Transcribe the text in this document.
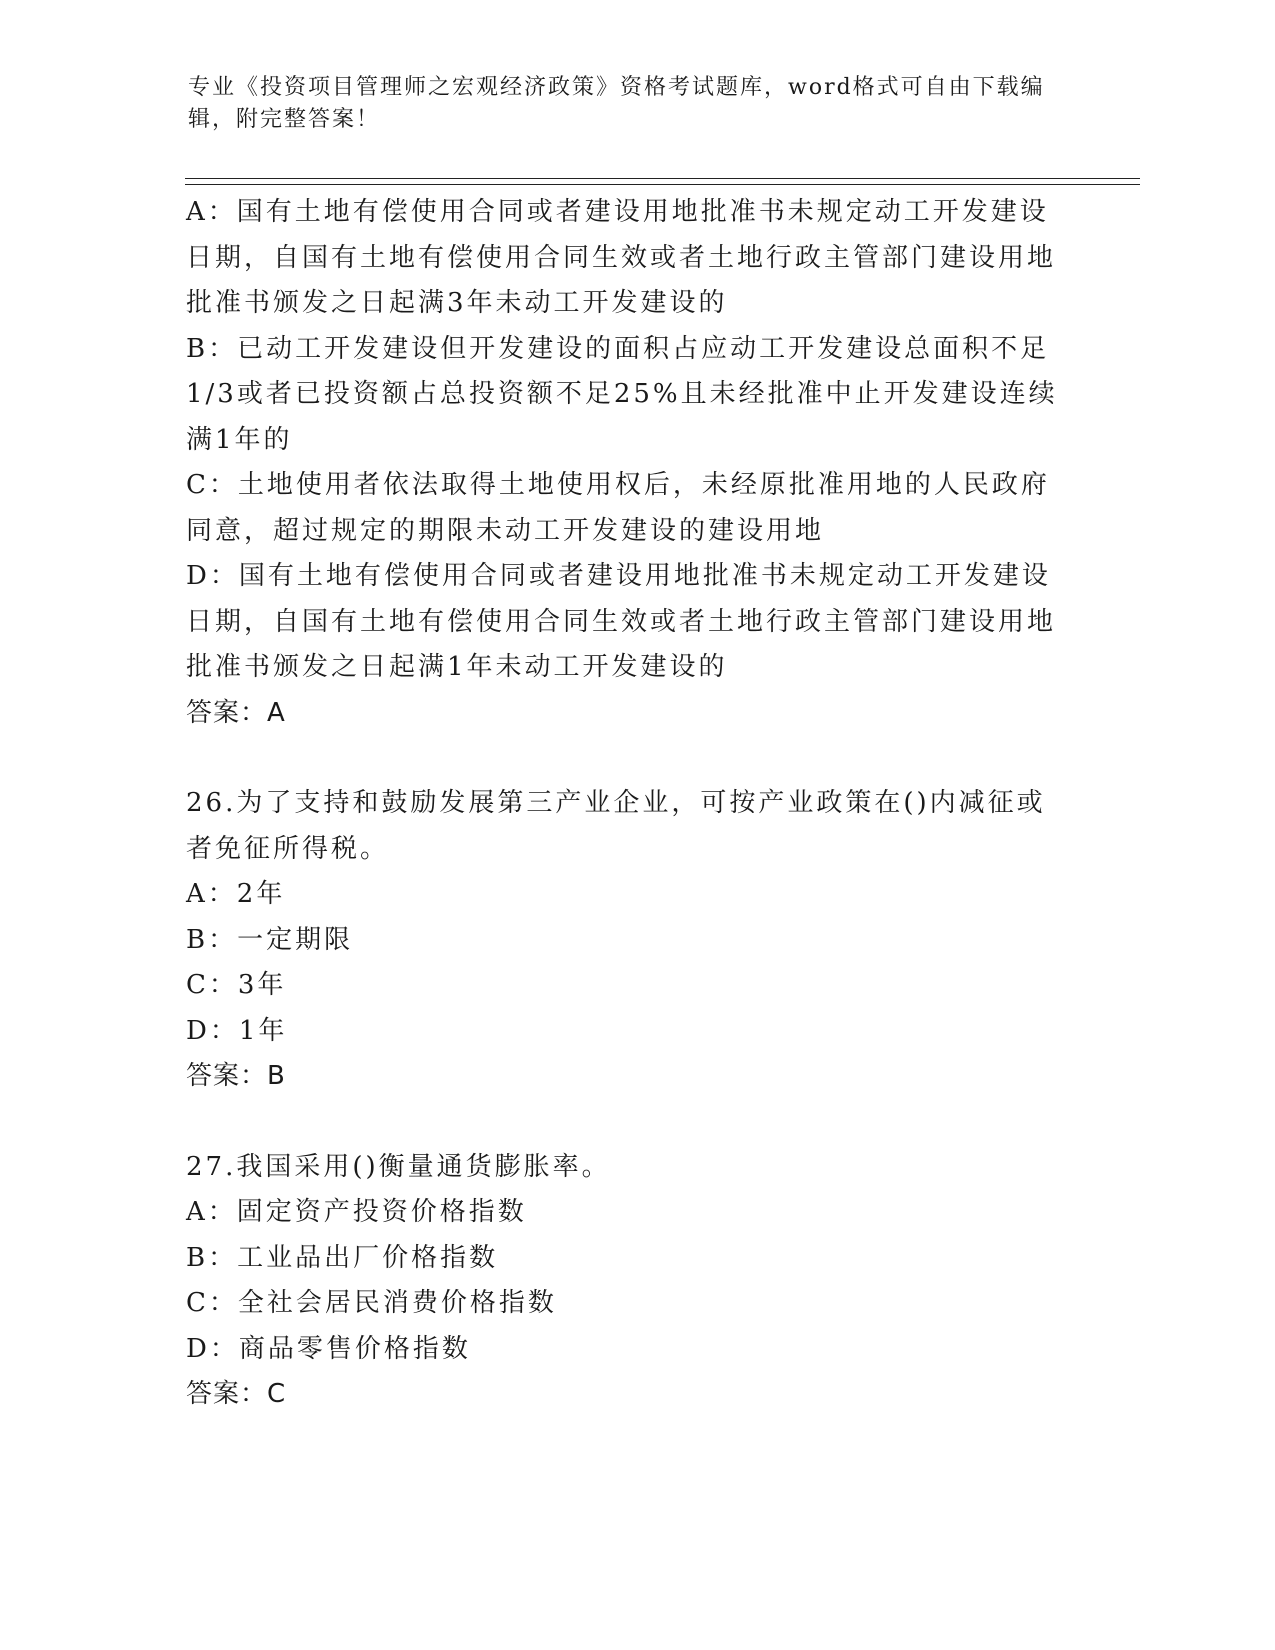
专业《投资项目管理师之宏观经济政策》资格考试题库，word格式可自由下载编辑，附完整答案！
A：国有土地有偿使用合同或者建设用地批准书未规定动工开发建设日期，自国有土地有偿使用合同生效或者土地行政主管部门建设用地批准书颁发之日起满3年未动工开发建设的
B：已动工开发建设但开发建设的面积占应动工开发建设总面积不足1/3或者已投资额占总投资额不足25%且未经批准中止开发建设连续满1年的
C：土地使用者依法取得土地使用权后，未经原批准用地的人民政府同意，超过规定的期限未动工开发建设的建设用地
D：国有土地有偿使用合同或者建设用地批准书未规定动工开发建设日期，自国有土地有偿使用合同生效或者土地行政主管部门建设用地批准书颁发之日起满1年未动工开发建设的
答案：A
26.为了支持和鼓励发展第三产业企业，可按产业政策在()内减征或者免征所得税。
A：2年
B：一定期限
C：3年
D：1年
答案：B
27.我国采用()衡量通货膨胀率。
A：固定资产投资价格指数
B：工业品出厂价格指数
C：全社会居民消费价格指数
D：商品零售价格指数
答案：C
